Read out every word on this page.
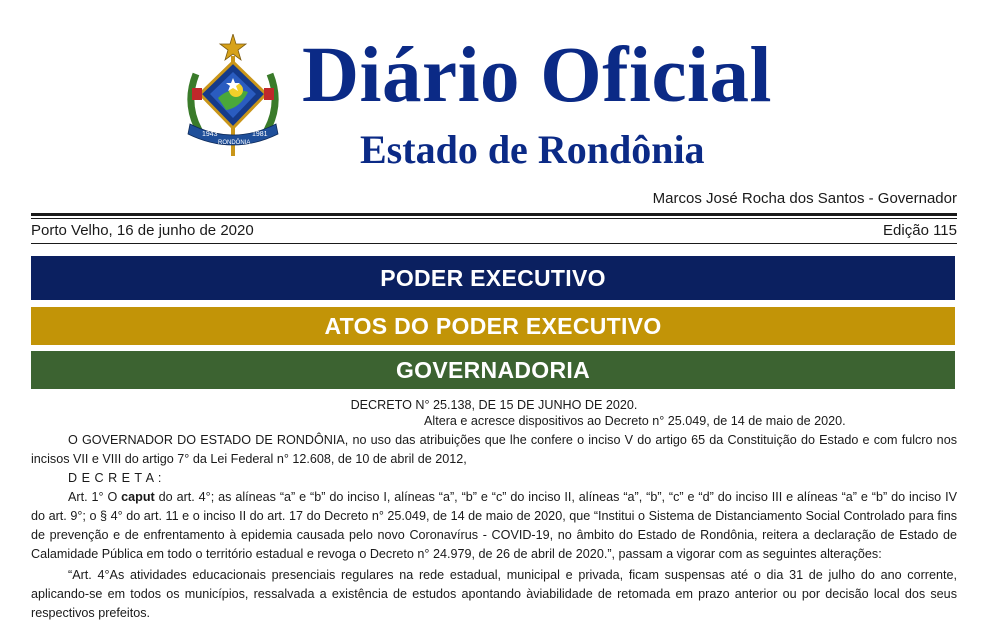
1943	1981
RONDÔNIA
Diário Oficial
Estado de Rondônia
Marcos José Rocha dos Santos - Governador
Porto Velho, 16 de junho de 2020	Edição 115
PODER EXECUTIVO
ATOS DO PODER EXECUTIVO
GOVERNADORIA

DECRETO N° 25.138, DE 15 DE JUNHO DE 2020.

Altera e acresce dispositivos ao Decreto n° 25.049, de 14 de maio de 2020.

O GOVERNADOR DO ESTADO DE RONDÔNIA, no uso das atribuições que lhe confere o inciso V do artigo 65 da Constituição do Estado e com fulcro nos incisos VII e VIII do artigo 7° da Lei Federal n° 12.608, de 10 de abril de 2012,

D E C R E T A :

Art. 1° O caput do art. 4°; as alíneas “a” e “b” do inciso I, alíneas “a”, “b” e “c” do inciso II, alíneas “a”, “b”, “c” e “d” do inciso III e alíneas “a” e “b” do inciso IV do art. 9°; o § 4° do art. 11 e o inciso II do art. 17 do Decreto n° 25.049, de 14 de maio de 2020, que “Institui o Sistema de Distanciamento Social Controlado para fins de prevenção e de enfrentamento à epidemia causada pelo novo Coronavírus - COVID-19, no âmbito do Estado de Rondônia, reitera a declaração de Estado de Calamidade Pública em todo o território estadual e revoga o Decreto n° 24.979, de 26 de abril de 2020.”, passam a vigorar com as seguintes alterações:

“Art. 4°As atividades educacionais presenciais regulares na rede estadual, municipal e privada, ficam suspensas até o dia 31 de julho do ano corrente, aplicando-se em todos os municípios, ressalvada a existência de estudos apontando àviabilidade de retomada em prazo anterior ou por decisão local dos seus respectivos prefeitos.
